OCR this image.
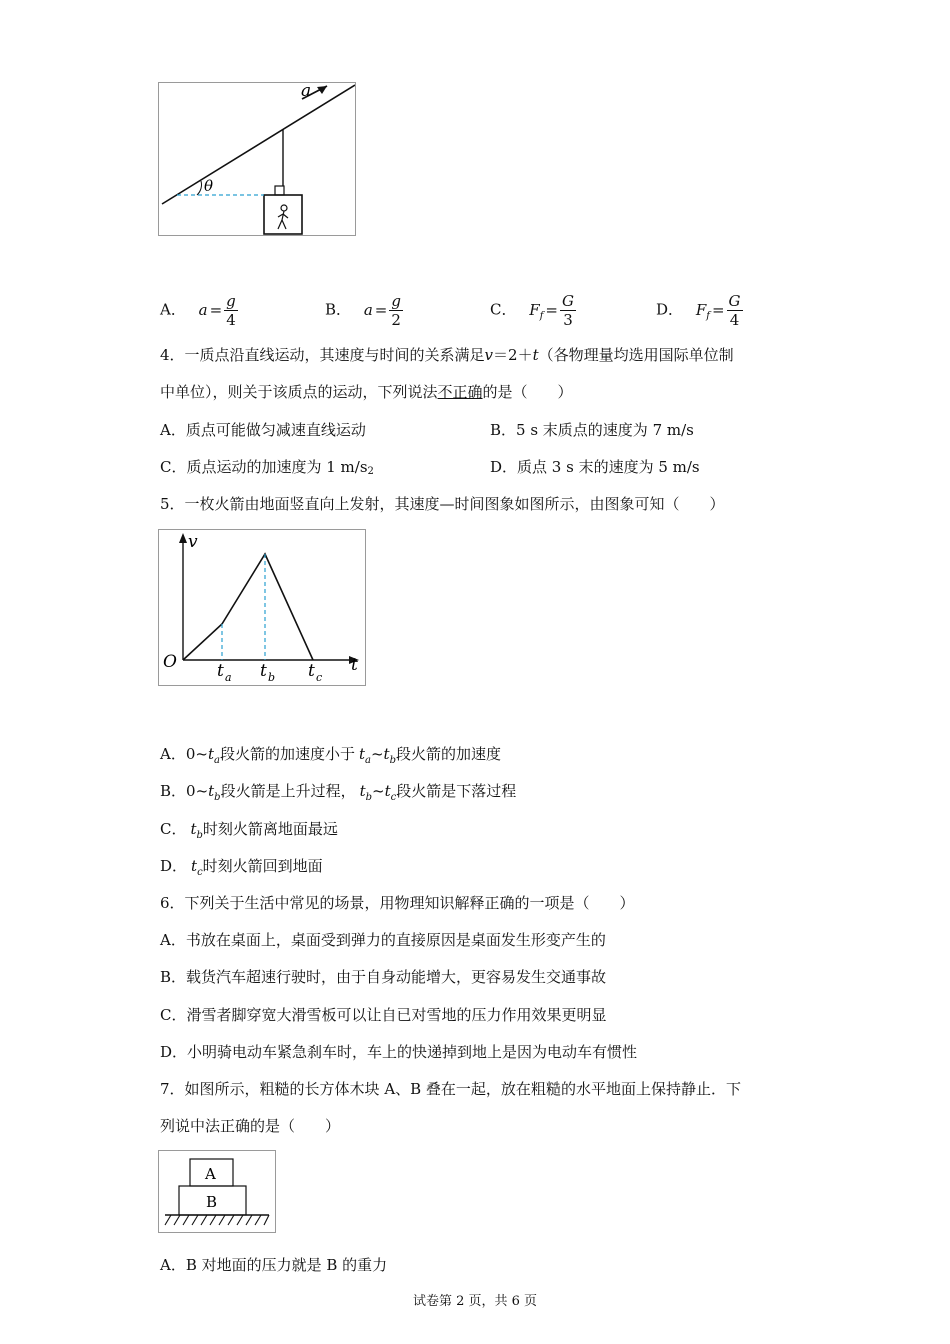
a
θ
A． $a = \frac{g}{4}$	B． $a = \frac{g}{2}$	C． $F_f = \frac{G}{3}$	D． $F_f = \frac{G}{4}$
4．一质点沿直线运动，其速度与时间的关系满足v＝2＋t（各物理量均选用国际单位制
中单位），则关于该质点的运动，下列说法不正确的是（　　）
A．质点可能做匀减速直线运动	B．5 s 末质点的速度为 7 m/s
C．质点运动的加速度为 1 m/s2	D．质点 3 s 末的速度为 5 m/s
5．一枚火箭由地面竖直向上发射，其速度—时间图象如图所示，由图象可知（　　）
v
t
O t a t b t c
A．$0\sim t_a$段火箭的加速度小于 $t_a\sim t_b$段火箭的加速度
B．$0\sim t_b$段火箭是上升过程， $t_b\sim t_c$段火箭是下落过程
C． $t_b$时刻火箭离地面最远
D． $t_c$时刻火箭回到地面
6．下列关于生活中常见的场景，用物理知识解释正确的一项是（　　）
A．书放在桌面上，桌面受到弹力的直接原因是桌面发生形变产生的
B．载货汽车超速行驶时，由于自身动能增大，更容易发生交通事故
C．滑雪者脚穿宽大滑雪板可以让自已对雪地的压力作用效果更明显
D．小明骑电动车紧急刹车时，车上的快递掉到地上是因为电动车有惯性
7．如图所示，粗糙的长方体木块 A、B 叠在一起，放在粗糙的水平地面上保持静止．下
列说中法正确的是（　　）
A
B
A．B 对地面的压力就是 B 的重力
试卷第 2 页，共 6 页
